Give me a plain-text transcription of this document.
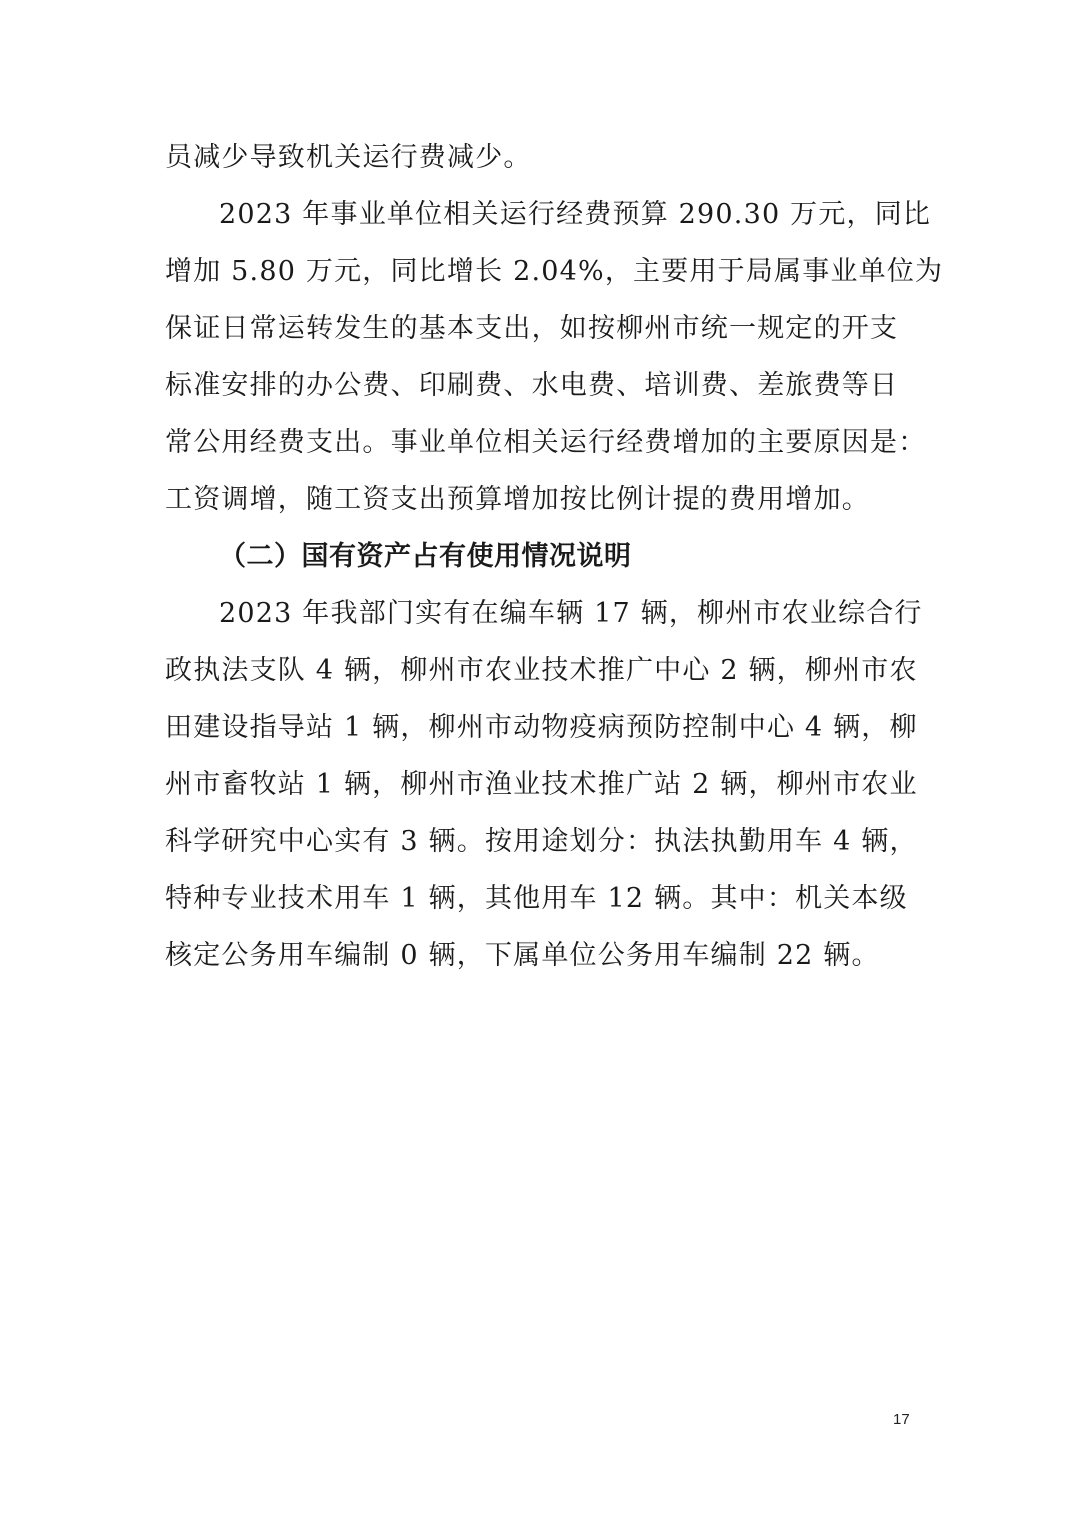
员减少导致机关运行费减少。
2023 年事业单位相关运行经费预算 290.30 万元，同比
增加 5.80 万元，同比增长 2.04%，主要用于局属事业单位为
保证日常运转发生的基本支出，如按柳州市统一规定的开支
标准安排的办公费、印刷费、水电费、培训费、差旅费等日
常公用经费支出。事业单位相关运行经费增加的主要原因是：
工资调增，随工资支出预算增加按比例计提的费用增加。
（二）国有资产占有使用情况说明
2023 年我部门实有在编车辆 17 辆，柳州市农业综合行
政执法支队 4 辆，柳州市农业技术推广中心 2 辆，柳州市农
田建设指导站 1 辆，柳州市动物疫病预防控制中心 4 辆，柳
州市畜牧站 1 辆，柳州市渔业技术推广站 2 辆，柳州市农业
科学研究中心实有 3 辆。按用途划分：执法执勤用车 4 辆，
特种专业技术用车 1 辆，其他用车 12 辆。其中：机关本级
核定公务用车编制 0 辆，下属单位公务用车编制 22 辆。
17
